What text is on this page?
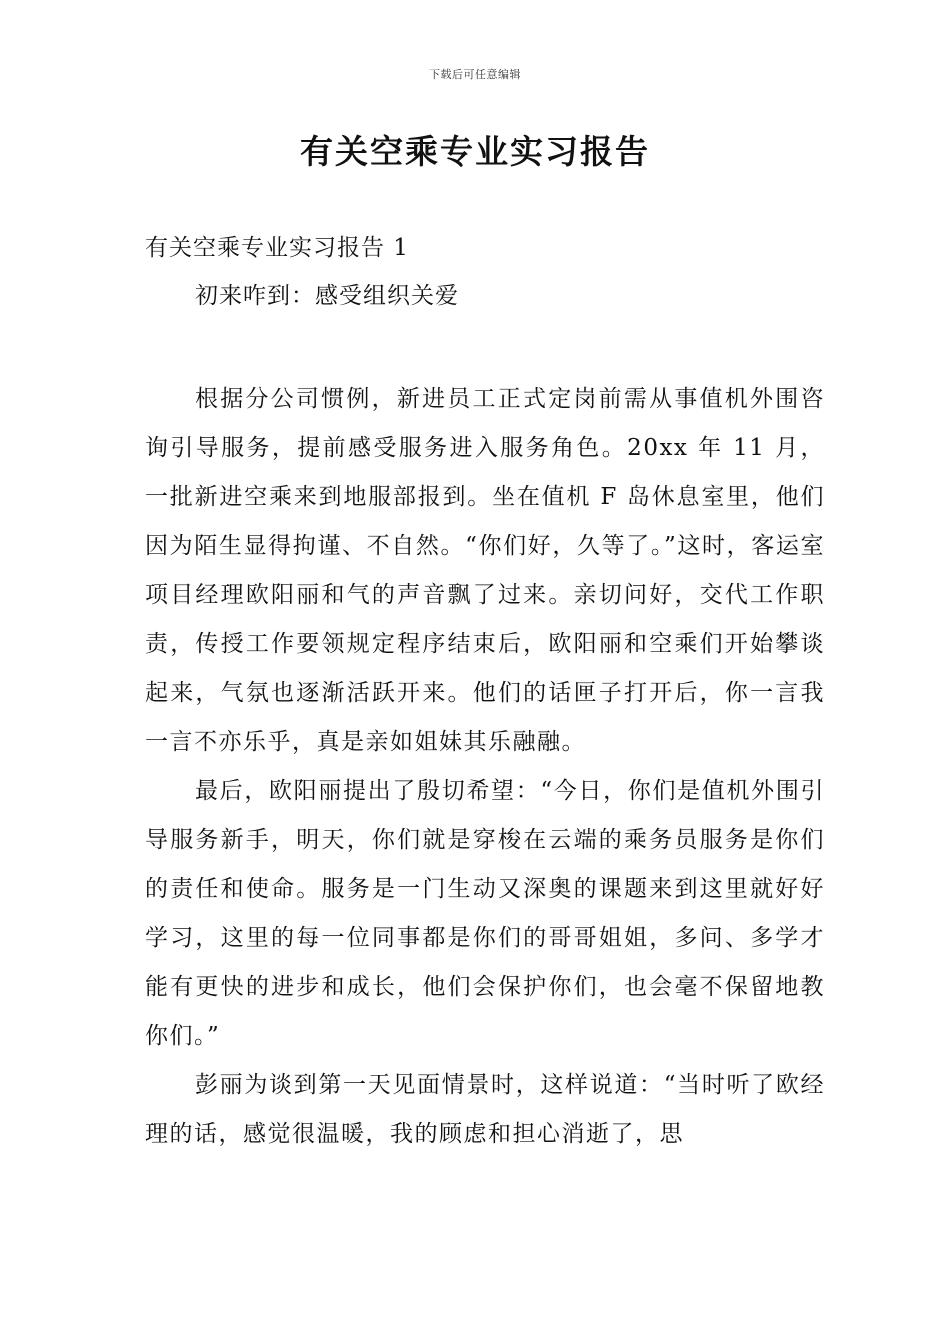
下载后可任意编辑
有关空乘专业实习报告

有关空乘专业实习报告 1

初来咋到：感受组织关爱

根据分公司惯例，新进员工正式定岗前需从事值机外围咨询引导服务，提前感受服务进入服务角色。20xx 年 11 月，一批新进空乘来到地服部报到。坐在值机 F 岛休息室里，他们因为陌生显得拘谨、不自然。“你们好，久等了。”这时，客运室项目经理欧阳丽和气的声音飘了过来。亲切问好，交代工作职责，传授工作要领规定程序结束后，欧阳丽和空乘们开始攀谈起来，气氛也逐渐活跃开来。他们的话匣子打开后，你一言我一言不亦乐乎，真是亲如姐妹其乐融融。

最后，欧阳丽提出了殷切希望：“今日，你们是值机外围引导服务新手，明天，你们就是穿梭在云端的乘务员服务是你们的责任和使命。服务是一门生动又深奥的课题来到这里就好好学习，这里的每一位同事都是你们的哥哥姐姐，多问、多学才能有更快的进步和成长，他们会保护你们，也会毫不保留地教你们。”

彭丽为谈到第一天见面情景时，这样说道：“当时听了欧经理的话，感觉很温暖，我的顾虑和担心消逝了，思
